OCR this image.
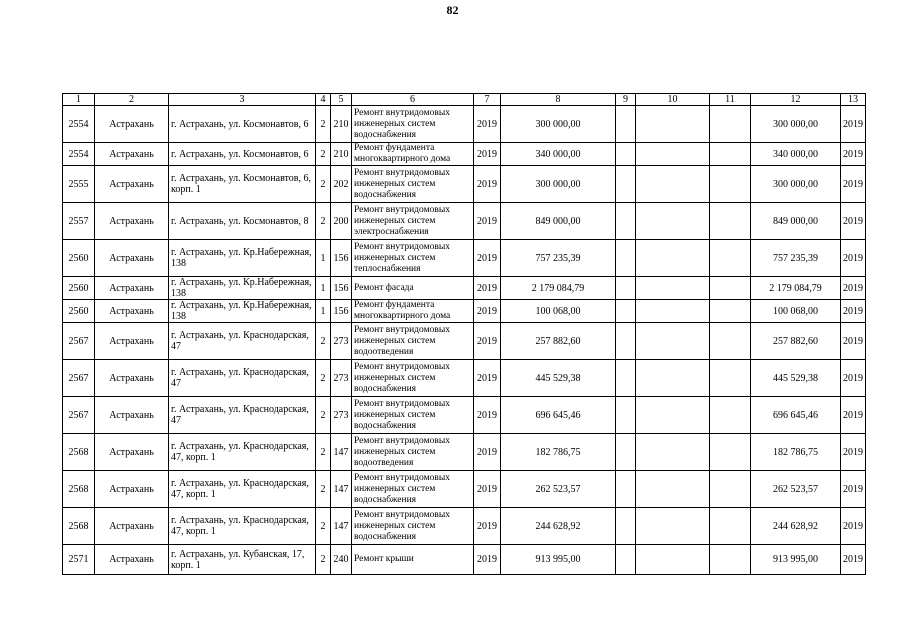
82
1	2	3	4	5	6	7	8	9	10	11	12	13
2554	Астрахань	г. Астрахань, ул. Космонавтов, 6	2	210	Ремонт внутридомовых инженерных систем водоснабжения	2019	300 000,00				300 000,00	2019
2554	Астрахань	г. Астрахань, ул. Космонавтов, 6	2	210	Ремонт фундамента многоквартирного дома	2019	340 000,00				340 000,00	2019
2555	Астрахань	г. Астрахань, ул. Космонавтов, 6, корп. 1	2	202	Ремонт внутридомовых инженерных систем водоснабжения	2019	300 000,00				300 000,00	2019
2557	Астрахань	г. Астрахань, ул. Космонавтов, 8	2	200	Ремонт внутридомовых инженерных систем электроснабжения	2019	849 000,00				849 000,00	2019
2560	Астрахань	г. Астрахань, ул. Кр.Набережная, 138	1	156	Ремонт внутридомовых инженерных систем теплоснабжения	2019	757 235,39				757 235,39	2019
2560	Астрахань	г. Астрахань, ул. Кр.Набережная, 138	1	156	Ремонт фасада	2019	2 179 084,79				2 179 084,79	2019
2560	Астрахань	г. Астрахань, ул. Кр.Набережная, 138	1	156	Ремонт фундамента многоквартирного дома	2019	100 068,00				100 068,00	2019
2567	Астрахань	г. Астрахань, ул. Краснодарская, 47	2	273	Ремонт внутридомовых инженерных систем водоотведения	2019	257 882,60				257 882,60	2019
2567	Астрахань	г. Астрахань, ул. Краснодарская, 47	2	273	Ремонт внутридомовых инженерных систем водоснабжения	2019	445 529,38				445 529,38	2019
2567	Астрахань	г. Астрахань, ул. Краснодарская, 47	2	273	Ремонт внутридомовых инженерных систем водоснабжения	2019	696 645,46				696 645,46	2019
2568	Астрахань	г. Астрахань, ул. Краснодарская, 47, корп. 1	2	147	Ремонт внутридомовых инженерных систем водоотведения	2019	182 786,75				182 786,75	2019
2568	Астрахань	г. Астрахань, ул. Краснодарская, 47, корп. 1	2	147	Ремонт внутридомовых инженерных систем водоснабжения	2019	262 523,57				262 523,57	2019
2568	Астрахань	г. Астрахань, ул. Краснодарская, 47, корп. 1	2	147	Ремонт внутридомовых инженерных систем водоснабжения	2019	244 628,92				244 628,92	2019
2571	Астрахань	г. Астрахань, ул. Кубанская, 17, корп. 1	2	240	Ремонт крыши	2019	913 995,00				913 995,00	2019
